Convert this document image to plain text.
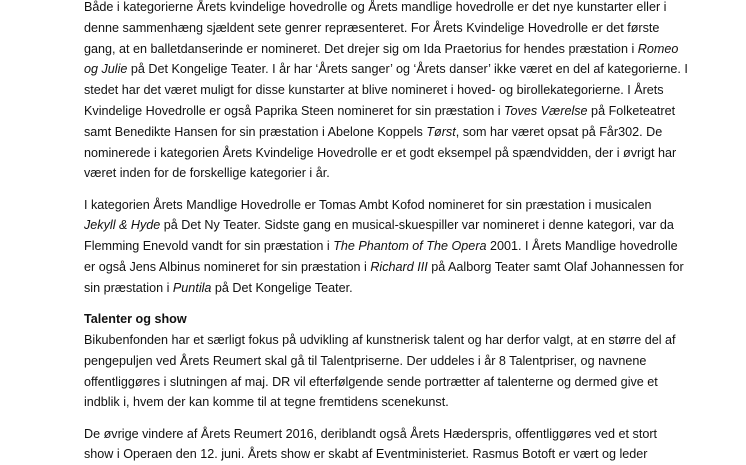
Både i kategorierne Årets kvindelige hovedrolle og Årets mandlige hovedrolle er det nye kunstarter eller i
denne sammenhæng sjældent sete genrer repræsenteret. For Årets Kvindelige Hovedrolle er det første
gang, at en balletdanserinde er nomineret. Det drejer sig om Ida Praetorius for hendes præstation i Romeo
og Julie på Det Kongelige Teater. I år har ‘Årets sanger’ og ‘Årets danser’ ikke været en del af kategorierne. I
stedet har det været muligt for disse kunstarter at blive nomineret i hoved- og birollekategorierne. I Årets
Kvindelige Hovedrolle er også Paprika Steen nomineret for sin præstation i Toves Værelse på Folketeatret
samt Benedikte Hansen for sin præstation i Abelone Koppels Tørst, som har været opsat på Får302. De
nominerede i kategorien Årets Kvindelige Hovedrolle er et godt eksempel på spændvidden, der i øvrigt har
været inden for de forskellige kategorier i år.
I kategorien Årets Mandlige Hovedrolle er Tomas Ambt Kofod nomineret for sin præstation i musicalen
Jekyll & Hyde på Det Ny Teater. Sidste gang en musical-skuespiller var nomineret i denne kategori, var da
Flemming Enevold vandt for sin præstation i The Phantom of The Opera 2001. I Årets Mandlige hovedrolle
er også Jens Albinus nomineret for sin præstation i Richard III på Aalborg Teater samt Olaf Johannessen for
sin præstation i Puntila på Det Kongelige Teater.
Talenter og show
Bikubenfonden har et særligt fokus på udvikling af kunstnerisk talent og har derfor valgt, at en større del af
pengepuljen ved Årets Reumert skal gå til Talentpriserne. Der uddeles i år 8 Talentpriser, og navnene
offentliggøres i slutningen af maj. DR vil efterfølgende sende portrætter af talenterne og dermed give et
indblik i, hvem der kan komme til at tegne fremtidens scenekunst.
De øvrige vindere af Årets Reumert 2016, deriblandt også Årets Hæderspris, offentliggøres ved et stort
show i Operaen den 12. juni. Årets show er skabt af Eventministeriet. Rasmus Botoft er vært og leder
